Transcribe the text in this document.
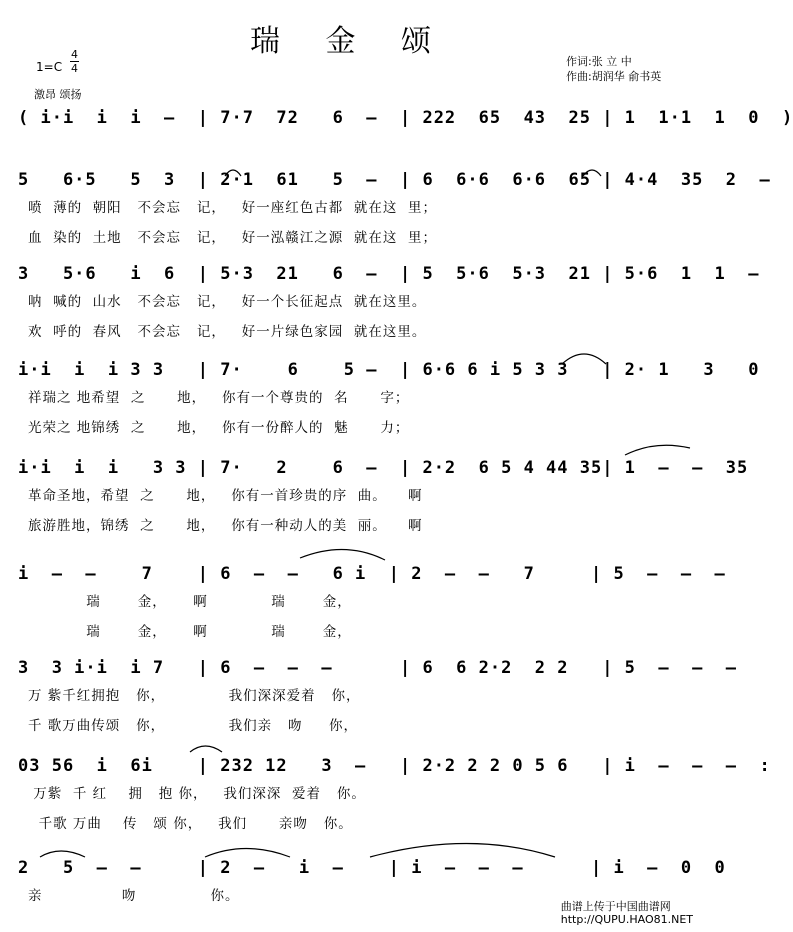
瑞 金 颂
1=C
4
4
激昂 颂扬
作词:张 立 中
作曲:胡润华 俞书英
( i·i  i  i  –  | 7·7  72   6  –  | 222  65  43  25 | 1  1·1  1  0  )
5   6·5   5  3  | 2·1  61   5  –  | 6  6·6  6·6  65 | 4·4  35  2  –
喷  薄的  朝阳   不会忘   记，   好一座红色古都  就在这  里；
血  染的  土地   不会忘   记，   好一泓赣江之源  就在这  里；
3   5·6   i  6  | 5·3  21   6  –  | 5  5·6  5·3  21 | 5·6  1  1  –
呐  喊的  山水   不会忘   记，   好一个长征起点  就在这里。
欢  呼的  春风   不会忘   记，   好一片绿色家园  就在这里。
i·i  i  i 3 3   | 7·    6    5 –  | 6·6 6 i 5 3 3   | 2· 1   3   0
祥瑞之 地希望  之      地，   你有一个尊贵的  名      字；
光荣之 地锦绣  之      地，   你有一份醉人的  魅      力；
i·i  i  i   3 3 | 7·   2    6  –  | 2·2  6 5 4 44 35| 1  –  –  35
革命圣地，希望  之      地，   你有一首珍贵的序  曲。    啊
旅游胜地，锦绣  之      地，   你有一种动人的美  丽。    啊
i  –  –    7    | 6  –  –   6 i  | 2  –  –   7     | 5  –  –  –
瑞       金，     啊            瑞       金，
瑞       金，     啊            瑞       金，
3  3 i·i  i 7   | 6  –  –  –      | 6  6 2·2  2 2   | 5  –  –  –
万 紫千红拥抱   你，            我们深深爱着   你，
千 歌万曲传颂   你，            我们亲   吻     你，
03 56  i  6i    | 232 12   3  –   | 2·2 2 2 0 5 6   | i  –  –  –  :
万紫  千 红    拥   抱 你，   我们深深  爱着   你。
千歌 万曲    传   颂 你，   我们      亲吻   你。
2   5  –  –     | 2  –   i  –    | i  –  –  –      | i  –  0  0
亲               吻              你。
曲谱上传于中国曲谱网
http://QUPU.HAO81.NET
